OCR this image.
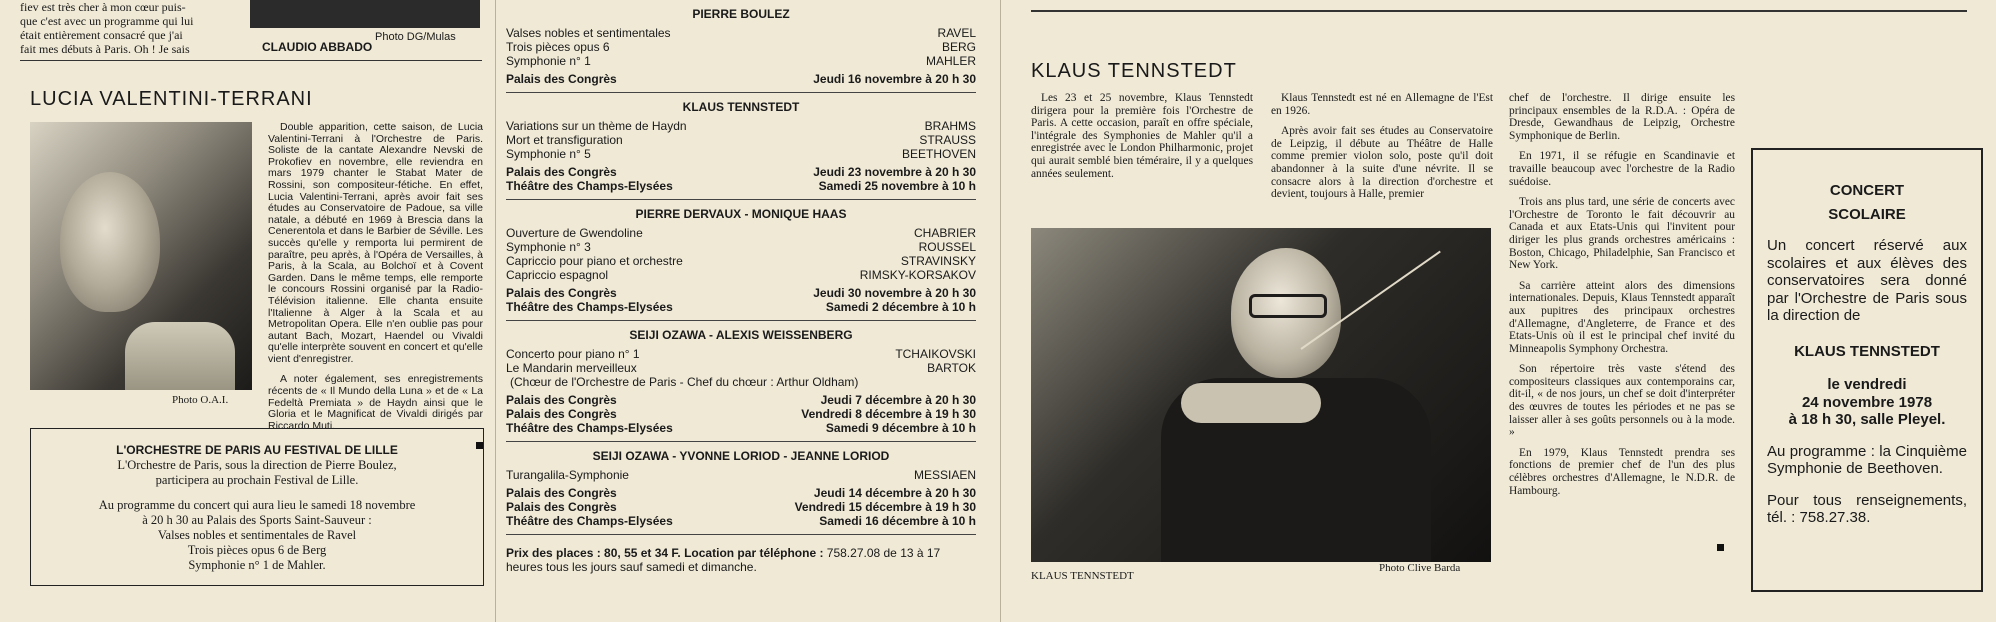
fiev est très cher à mon cœur puis-
que c'est avec un programme qui lui
était entièrement consacré que j'ai
fait mes débuts à Paris. Oh ! Je sais
Photo DG/Mulas
CLAUDIO ABBADO
LUCIA VALENTINI-TERRANI
Photo O.A.I.

Double apparition, cette saison, de Lucia Valentini-Terrani à l'Orchestre de Paris. Soliste de la cantate Alexandre Nevski de Prokofiev en novembre, elle reviendra en mars 1979 chanter le Stabat Mater de Rossini, son compositeur-fétiche. En effet, Lucia Valentini-Terrani, après avoir fait ses études au Conservatoire de Padoue, sa ville natale, a débuté en 1969 à Brescia dans la Cenerentola et dans le Barbier de Séville. Les succès qu'elle y remporta lui permirent de paraître, peu après, à l'Opéra de Versailles, à Paris, à la Scala, au Bolchoï et à Covent Garden. Dans le même temps, elle remporte le concours Rossini organisé par la Radio-Télévision italienne. Elle chanta ensuite l'Italienne à Alger à la Scala et au Metropolitan Opera. Elle n'en oublie pas pour autant Bach, Mozart, Haendel ou Vivaldi qu'elle interprète souvent en concert et qu'elle vient d'enregistrer.

A noter également, ses enregistrements récents de « Il Mundo della Luna » et de « La Fedeltà Premiata » de Haydn ainsi que le Gloria et le Magnificat de Vivaldi dirigés par Riccardo Muti.

L'ORCHESTRE DE PARIS AU FESTIVAL DE LILLE
L'Orchestre de Paris, sous la direction de Pierre Boulez,
participera au prochain Festival de Lille.
Au programme du concert qui aura lieu le samedi 18 novembre
à 20 h 30 au Palais des Sports Saint-Sauveur :
Valses nobles et sentimentales de Ravel
Trois pièces opus 6 de Berg
Symphonie n° 1 de Mahler.
PIERRE BOULEZ
Valses nobles et sentimentales	RAVEL
Trois pièces opus 6	BERG
Symphonie n° 1	MAHLER
Palais des Congrès	Jeudi 16 novembre à 20 h 30
KLAUS TENNSTEDT
Variations sur un thème de Haydn	BRAHMS
Mort et transfiguration	STRAUSS
Symphonie n° 5	BEETHOVEN
Palais des Congrès	Jeudi 23 novembre à 20 h 30
Théâtre des Champs-Elysées	Samedi 25 novembre à 10 h
PIERRE DERVAUX - MONIQUE HAAS
Ouverture de Gwendoline	CHABRIER
Symphonie n° 3	ROUSSEL
Capriccio pour piano et orchestre	STRAVINSKY
Capriccio espagnol	RIMSKY-KORSAKOV
Palais des Congrès	Jeudi 30 novembre à 20 h 30
Théâtre des Champs-Elysées	Samedi 2 décembre à 10 h
SEIJI OZAWA - ALEXIS WEISSENBERG
Concerto pour piano n° 1	TCHAIKOVSKI
Le Mandarin merveilleux	BARTOK
(Chœur de l'Orchestre de Paris - Chef du chœur : Arthur Oldham)
Palais des Congrès	Jeudi 7 décembre à 20 h 30
Palais des Congrès	Vendredi 8 décembre à 19 h 30
Théâtre des Champs-Elysées	Samedi 9 décembre à 10 h
SEIJI OZAWA - YVONNE LORIOD - JEANNE LORIOD
Turangalila-Symphonie	MESSIAEN
Palais des Congrès	Jeudi 14 décembre à 20 h 30
Palais des Congrès	Vendredi 15 décembre à 19 h 30
Théâtre des Champs-Elysées	Samedi 16 décembre à 10 h
Prix des places : 80, 55 et 34 F. Location par téléphone : 758.27.08 de 13 à 17 heures tous les jours sauf samedi et dimanche.
KLAUS TENNSTEDT

Les 23 et 25 novembre, Klaus Tennstedt dirigera pour la première fois l'Orchestre de Paris. A cette occasion, paraît en offre spéciale, l'intégrale des Symphonies de Mahler qu'il a enregistrée avec le London Philharmonic, projet qui aurait semblé bien téméraire, il y a quelques années seulement.

Klaus Tennstedt est né en Allemagne de l'Est en 1926.

Après avoir fait ses études au Conservatoire de Leipzig, il débute au Théâtre de Halle comme premier violon solo, poste qu'il doit abandonner à la suite d'une névrite. Il se consacre alors à la direction d'orchestre et devient, toujours à Halle, premier

chef de l'orchestre. Il dirige ensuite les principaux ensembles de la R.D.A. : Opéra de Dresde, Gewandhaus de Leipzig, Orchestre Symphonique de Berlin.

En 1971, il se réfugie en Scandinavie et travaille beaucoup avec l'orchestre de la Radio suédoise.

Trois ans plus tard, une série de concerts avec l'Orchestre de Toronto le fait découvrir au Canada et aux Etats-Unis qui l'invitent pour diriger les plus grands orchestres américains : Boston, Chicago, Philadelphie, San Francisco et New York.

Sa carrière atteint alors des dimensions internationales. Depuis, Klaus Tennstedt apparaît aux pupitres des principaux orchestres d'Allemagne, d'Angleterre, de France et des Etats-Unis où il est le principal chef invité du Minneapolis Symphony Orchestra.

Son répertoire très vaste s'étend des compositeurs classiques aux contemporains car, dit-il, « de nos jours, un chef se doit d'interpréter des œuvres de toutes les périodes et ne pas se laisser aller à ses goûts personnels ou à la mode. »

En 1979, Klaus Tennstedt prendra ses fonctions de premier chef de l'un des plus célèbres orchestres d'Allemagne, le N.D.R. de Hambourg.

KLAUS TENNSTEDT
Photo Clive Barda
CONCERT
SCOLAIRE
Un concert réservé aux scolaires et aux élèves des conservatoires sera donné par l'Orchestre de Paris sous la direction de
KLAUS TENNSTEDT
le vendredi
24 novembre 1978
à 18 h 30, salle Pleyel.
Au programme : la Cinquième Symphonie de Beethoven.
Pour tous renseignements, tél. : 758.27.38.
